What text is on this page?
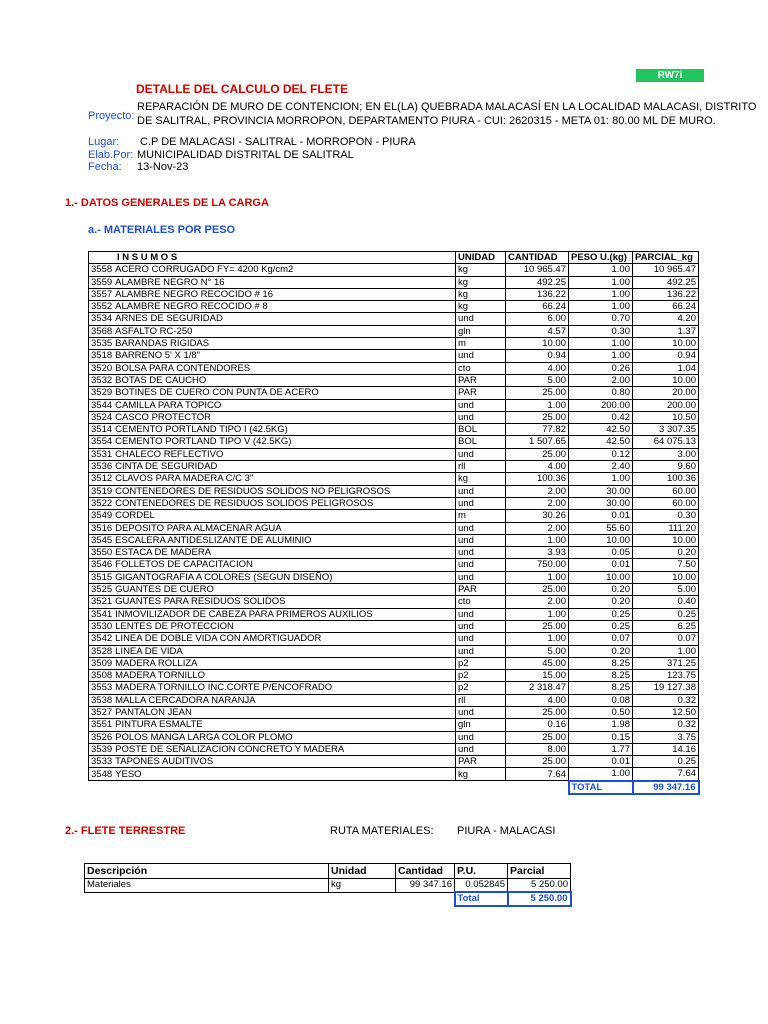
RW7i
DETALLE DEL CALCULO DEL FLETE
Proyecto:
REPARACIÓN DE MURO DE CONTENCION; EN EL(LA) QUEBRADA MALACASÍ EN LA LOCALIDAD MALACASI, DISTRITO
DE SALITRAL, PROVINCIA MORROPON, DEPARTAMENTO PIURA - CUI: 2620315 - META 01: 80.00 ML DE MURO.
Lugar: C.P DE MALACASI - SALITRAL - MORROPON - PIURA
Elab.Por: MUNICIPALIDAD DISTRITAL DE SALITRAL
Fecha: 13-Nov-23
1.- DATOS GENERALES DE LA CARGA
a.- MATERIALES POR PESO
I N S U M O S	UNIDAD	CANTIDAD	PESO U.(kg)	PARCIAL_kg
3558 ACERO CORRUGADO FY= 4200 Kg/cm2	kg	10 965.47	1.00	10 965.47
3559 ALAMBRE NEGRO N° 16	kg	492.25	1.00	492.25
3557 ALAMBRE NEGRO RECOCIDO # 16	kg	136.22	1.00	136.22
3552 ALAMBRE NEGRO RECOCIDO # 8	kg	66.24	1.00	66.24
3534 ARNES DE SEGURIDAD	und	6.00	0.70	4.20
3568 ASFALTO RC-250	gln	4.57	0.30	1.37
3535 BARANDAS RIGIDAS	m	10.00	1.00	10.00
3518 BARRENO 5' X 1/8"	und	0.94	1.00	0.94
3520 BOLSA PARA CONTENDORES	cto	4.00	0.26	1.04
3532 BOTAS DE CAUCHO	PAR	5.00	2.00	10.00
3529 BOTINES DE CUERO CON PUNTA DE ACERO	PAR	25.00	0.80	20.00
3544 CAMILLA PARA TOPICO	und	1.00	200.00	200.00
3524 CASCO PROTECTOR	und	25.00	0.42	10.50
3514 CEMENTO PORTLAND TIPO I (42.5KG)	BOL	77.82	42.50	3 307.35
3554 CEMENTO PORTLAND TIPO V (42.5KG)	BOL	1 507.65	42.50	64 075.13
3531 CHALECO REFLECTIVO	und	25.00	0.12	3.00
3536 CINTA DE SEGURIDAD	rll	4.00	2.40	9.60
3512 CLAVOS PARA MADERA C/C 3"	kg	100.36	1.00	100.36
3519 CONTENEDORES DE RESIDUOS SOLIDOS NO PELIGROSOS	und	2.00	30.00	60.00
3522 CONTENEDORES DE RESIDUOS SOLIDOS PELIGROSOS	und	2.00	30.00	60.00
3549 CORDEL	m	30.26	0.01	0.30
3516 DEPOSITO PARA ALMACENAR AGUA	und	2.00	55.60	111.20
3545 ESCALERA ANTIDESLIZANTE DE ALUMINIO	und	1.00	10.00	10.00
3550 ESTACA DE MADERA	und	3.93	0.05	0.20
3546 FOLLETOS DE CAPACITACION	und	750.00	0.01	7.50
3515 GIGANTOGRAFIA A COLORES (SEGUN DISEÑO)	und	1.00	10.00	10.00
3525 GUANTES DE CUERO	PAR	25.00	0.20	5.00
3521 GUANTES PARA RESIDUOS SOLIDOS	cto	2.00	0.20	0.40
3541 INMOVILIZADOR DE CABEZA PARA PRIMEROS AUXILIOS	und	1.00	0.25	0.25
3530 LENTES DE PROTECCION	und	25.00	0.25	6.25
3542 LINEA DE DOBLE VIDA CON AMORTIGUADOR	und	1.00	0.07	0.07
3528 LINEA DE VIDA	und	5.00	0.20	1.00
3509 MADERA ROLLIZA	p2	45.00	8.25	371.25
3508 MADERA TORNILLO	p2	15.00	8.25	123.75
3553 MADERA TORNILLO INC.CORTE P/ENCOFRADO	p2	2 318.47	8.25	19 127.38
3538 MALLA CERCADORA NARANJA	rll	4.00	0.08	0.32
3527 PANTALON JEAN	und	25.00	0.50	12.50
3551 PINTURA ESMALTE	gln	0.16	1.98	0.32
3526 POLOS MANGA LARGA COLOR PLOMO	und	25.00	0.15	3.75
3539 POSTE DE SEÑALIZACION CONCRETO Y MADERA	und	8.00	1.77	14.16
3533 TAPONES AUDITIVOS	PAR	25.00	0.01	0.25
3548 YESO	kg	7.64	1.00	7.64
			TOTAL	99 347.16
2.- FLETE TERRESTRE	RUTA MATERIALES: PIURA - MALACASI
Descripción	Unidad	Cantidad	P.U.	Parcial
Materiales	kg	99 347.16	0.052845	5 250.00
			Total	5 250.00
